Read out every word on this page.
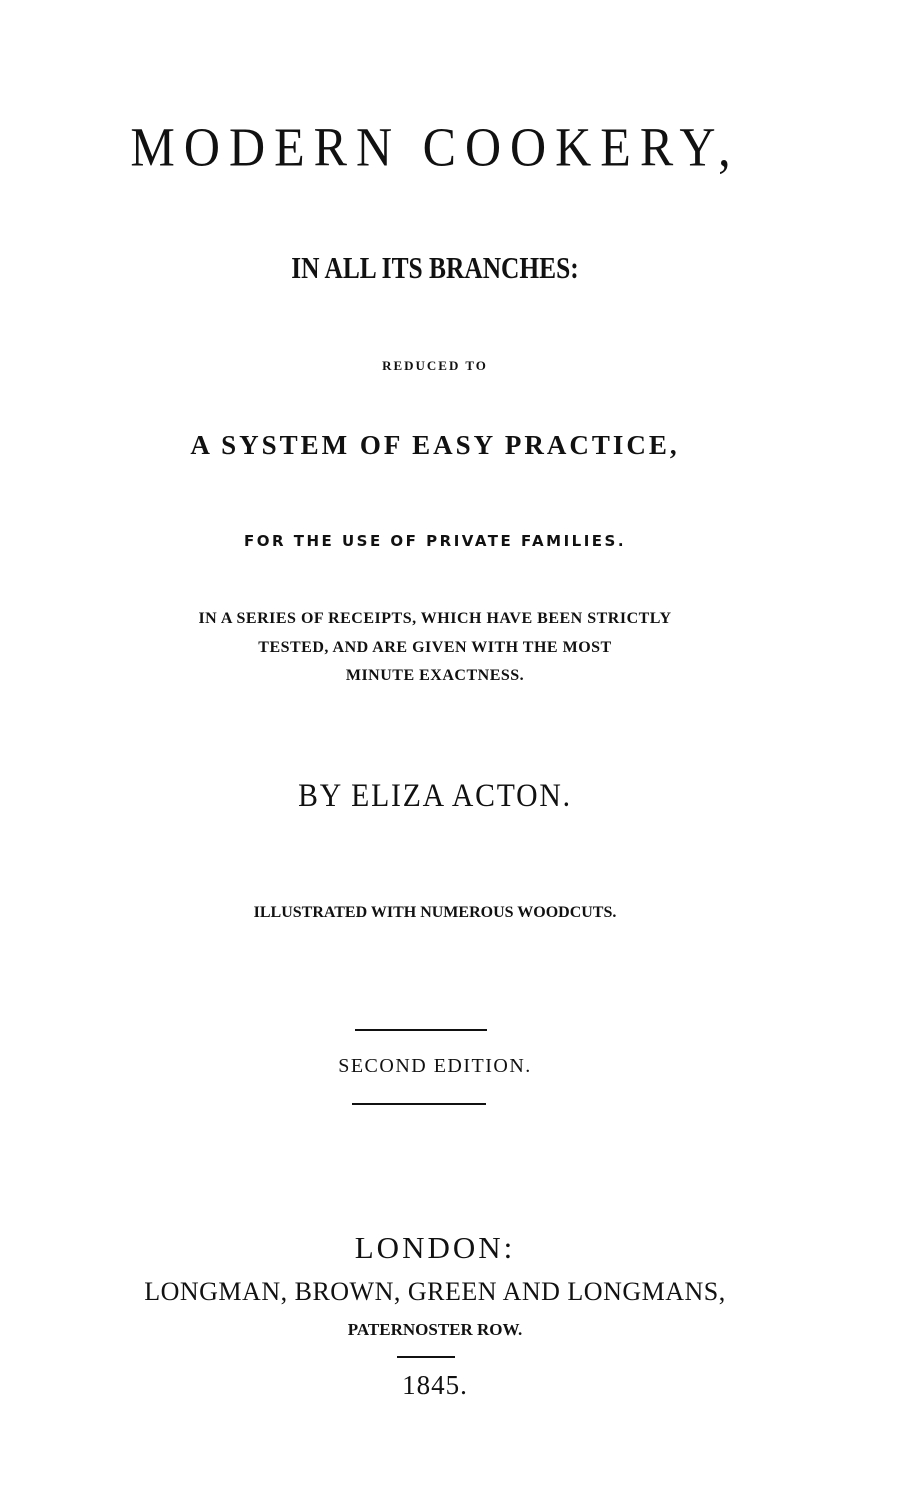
MODERN COOKERY,
IN ALL ITS BRANCHES:
REDUCED TO
A SYSTEM OF EASY PRACTICE,
FOR THE USE OF PRIVATE FAMILIES.
IN A SERIES OF RECEIPTS, WHICH HAVE BEEN STRICTLY
TESTED, AND ARE GIVEN WITH THE MOST
MINUTE EXACTNESS.
BY ELIZA ACTON.
ILLUSTRATED WITH NUMEROUS WOODCUTS.
SECOND EDITION.
LONDON:
LONGMAN, BROWN, GREEN AND LONGMANS,
PATERNOSTER ROW.
1845.
